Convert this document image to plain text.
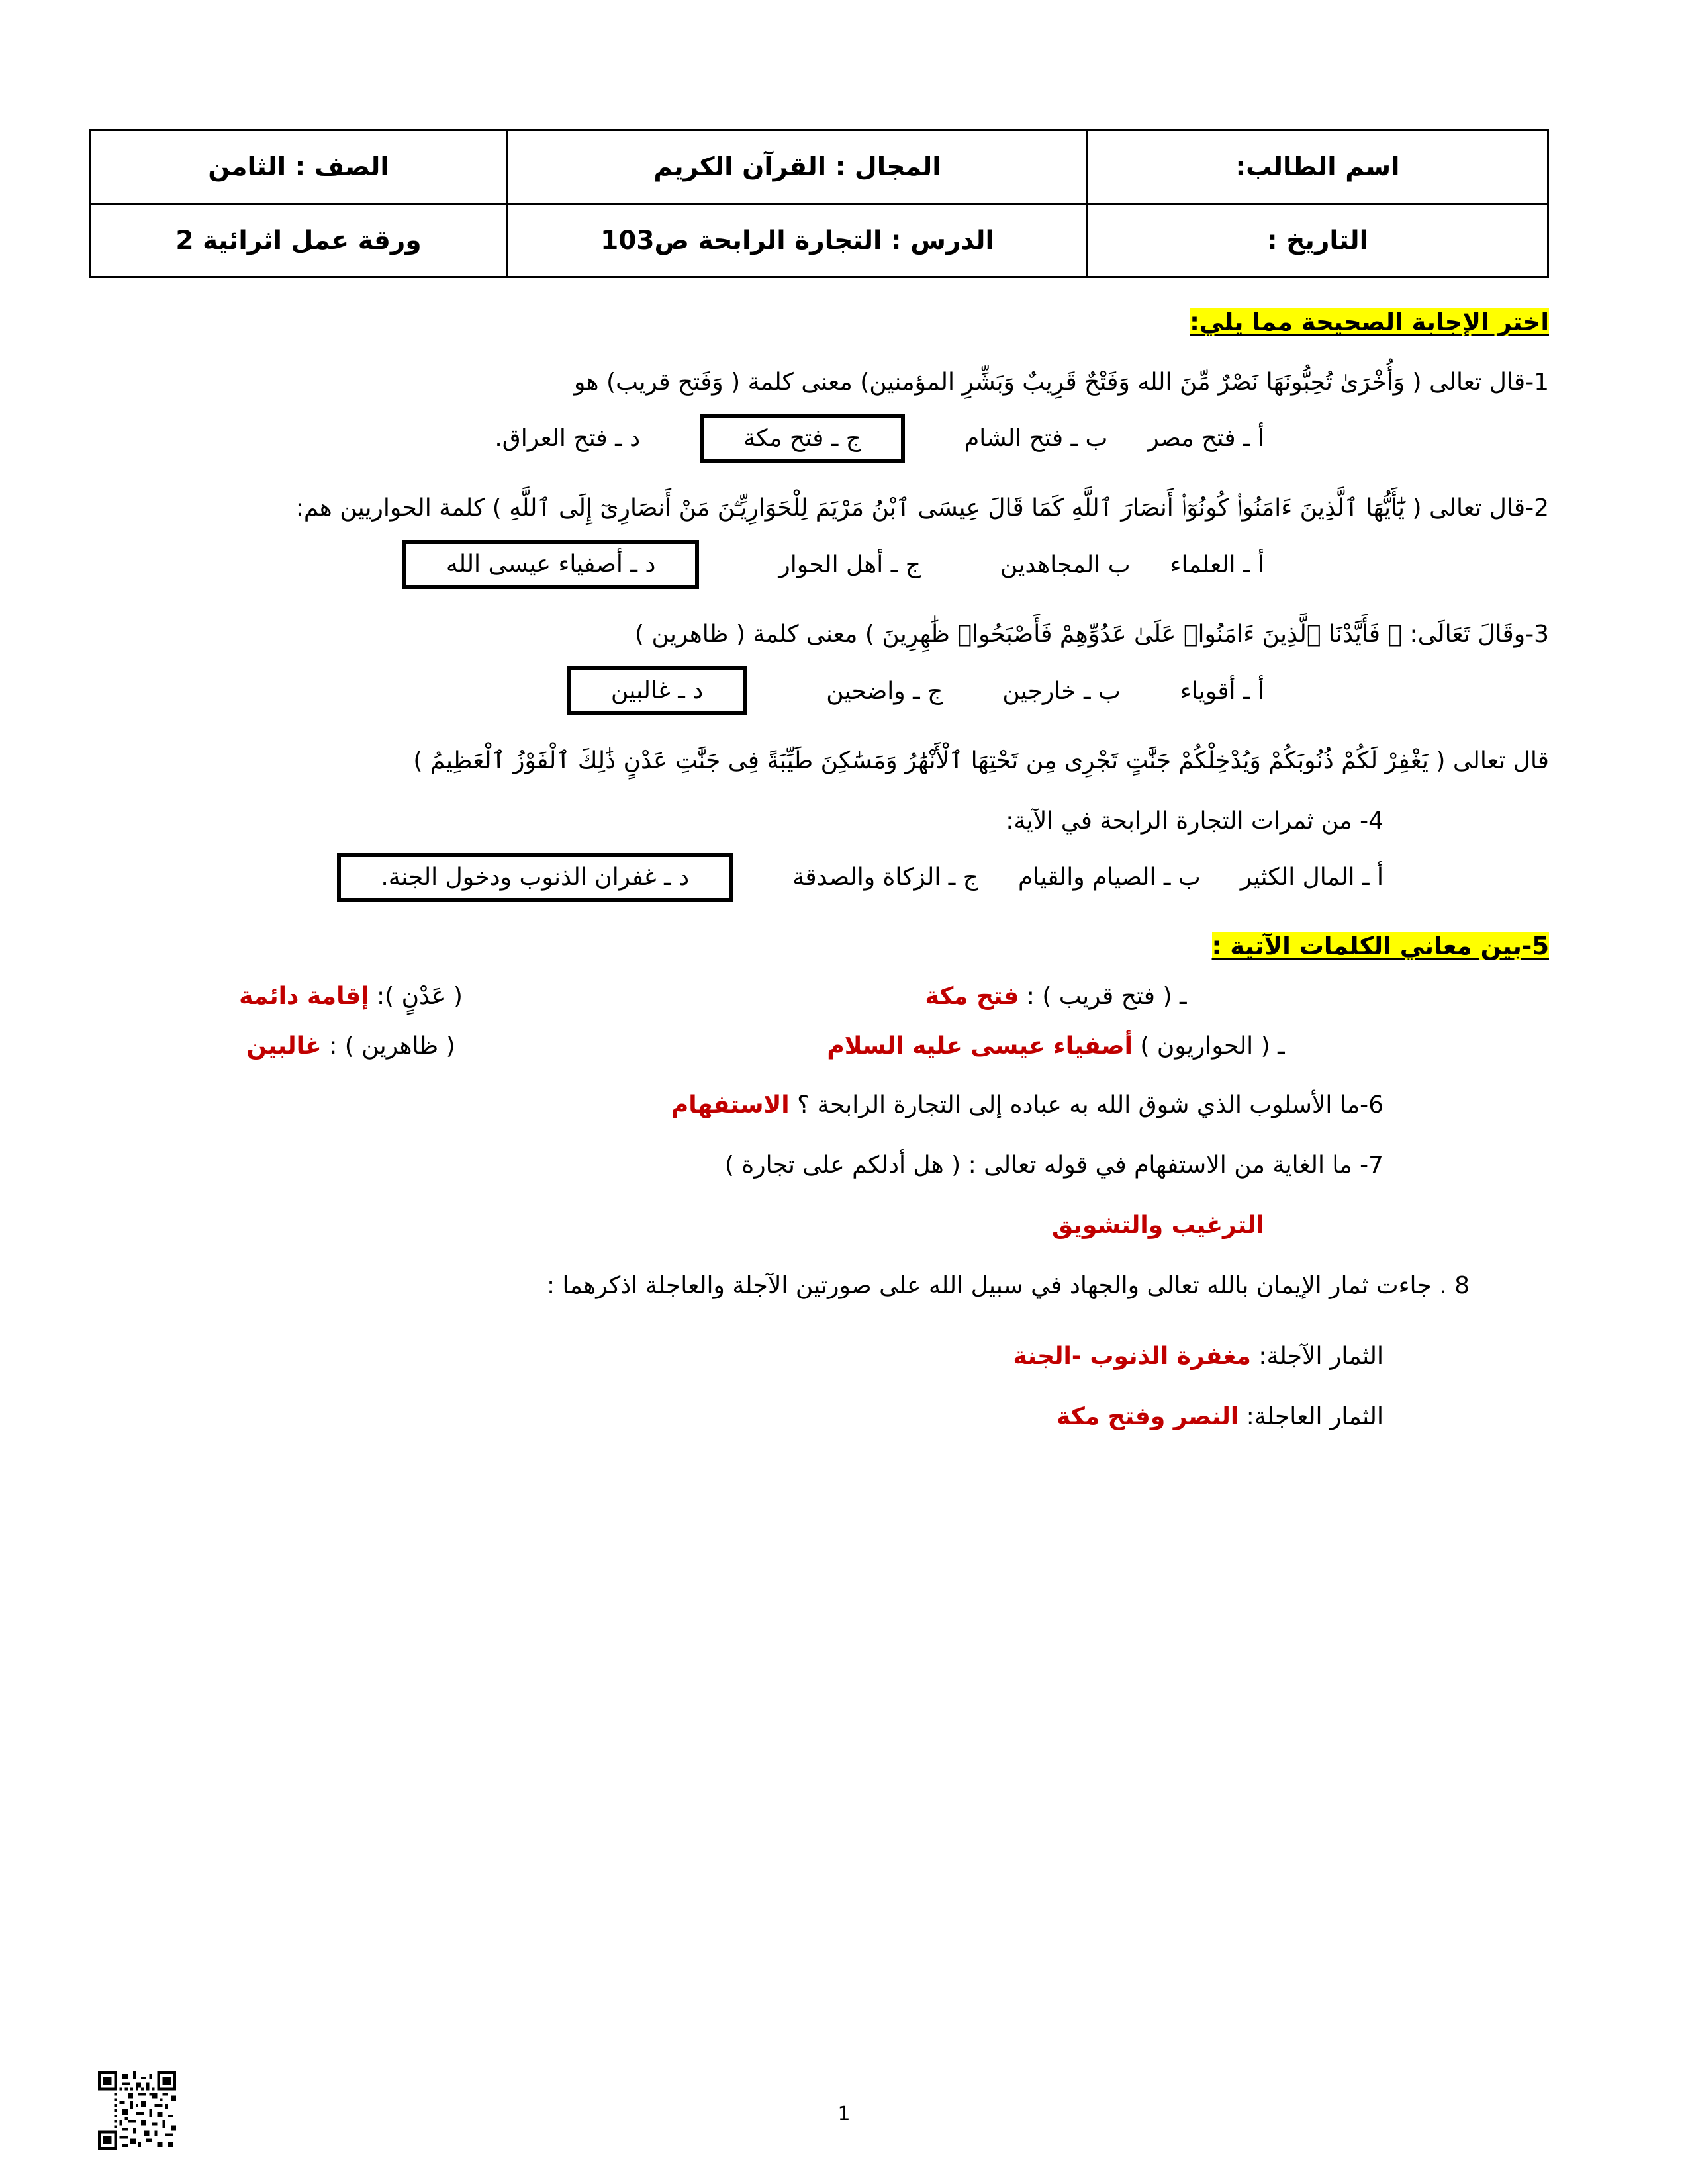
اسم الطالب:	المجال : القرآن الكريم	الصف : الثامن
التاريخ :	الدرس : التجارة الرابحة ص103	ورقة عمل اثرائية 2
اختر الإجابة الصحيحة مما يلي:
1-قال تعالى ( وَأُخْرَىٰ تُحِبُّونَهَا نَصْرٌ مِّنَ الله وَفَتْحٌ قَرِيبٌ وَبَشِّرِ المؤمنين) معنى كلمة ( وَفَتح قريب) هو
أ ـ فتح مصر
ب ـ فتح الشام
ج ـ فتح مكة
د ـ فتح العراق.
2-قال تعالى ( يَٰٓأَيُّهَا ٱلَّذِينَ ءَامَنُوا۟ كُونُوٓا۟ أَنصَارَ ٱللَّهِ كَمَا قَالَ عِيسَى ٱبْنُ مَرْيَمَ لِلْحَوَارِيِّـۧنَ مَنْ أَنصَارِىٓ إِلَى ٱللَّهِ ) كلمة الحواريين هم:
أ ـ العلماء
ب المجاهدين
ج ـ أهل الحوار
د ـ أصفياء عيسى الله
3-وقَالَ تَعَالَى: ﴿ فَأَيَّدْنَا ٱلَّذِينَ ءَامَنُوا۟ عَلَىٰ عَدُوِّهِمْ فَأَصْبَحُوا۟ ظَٰهِرِينَ ) معنى كلمة ( ظاهرين )
أ ـ أقوياء
ب ـ خارجين
ج ـ واضحين
د ـ غالبين
قال تعالى ( يَغْفِرْ لَكُمْ ذُنُوبَكُمْ وَيُدْخِلْكُمْ جَنَّٰتٍ تَجْرِى مِن تَحْتِهَا ٱلْأَنْهَٰرُ وَمَسَٰكِنَ طَيِّبَةً فِى جَنَّٰتِ عَدْنٍ ذَٰلِكَ ٱلْفَوْزُ ٱلْعَظِيمُ )
4- من ثمرات التجارة الرابحة في الآية:
أ ـ المال الكثير
ب ـ الصيام والقيام
ج ـ الزكاة والصدقة
د ـ غفران الذنوب ودخول الجنة.
5-بين معاني الكلمات الآتية :
ـ ( فتح قريب ) : فتح مكة
( عَدْنٍ ): إقامة دائمة
ـ ( الحواريون ) أصفياء عيسى عليه السلام
( ظاهرين ) : غالبين
6-ما الأسلوب الذي شوق الله به عباده إلى التجارة الرابحة ؟ الاستفهام
7- ما الغاية من الاستفهام في قوله تعالى : ( هل أدلكم على تجارة )
الترغيب والتشويق
8 . جاءت ثمار الإيمان بالله تعالى والجهاد في سبيل الله على صورتين الآجلة والعاجلة اذكرهما :
الثمار الآجلة: مغفرة الذنوب -الجنة
الثمار العاجلة: النصر وفتح مكة
1
